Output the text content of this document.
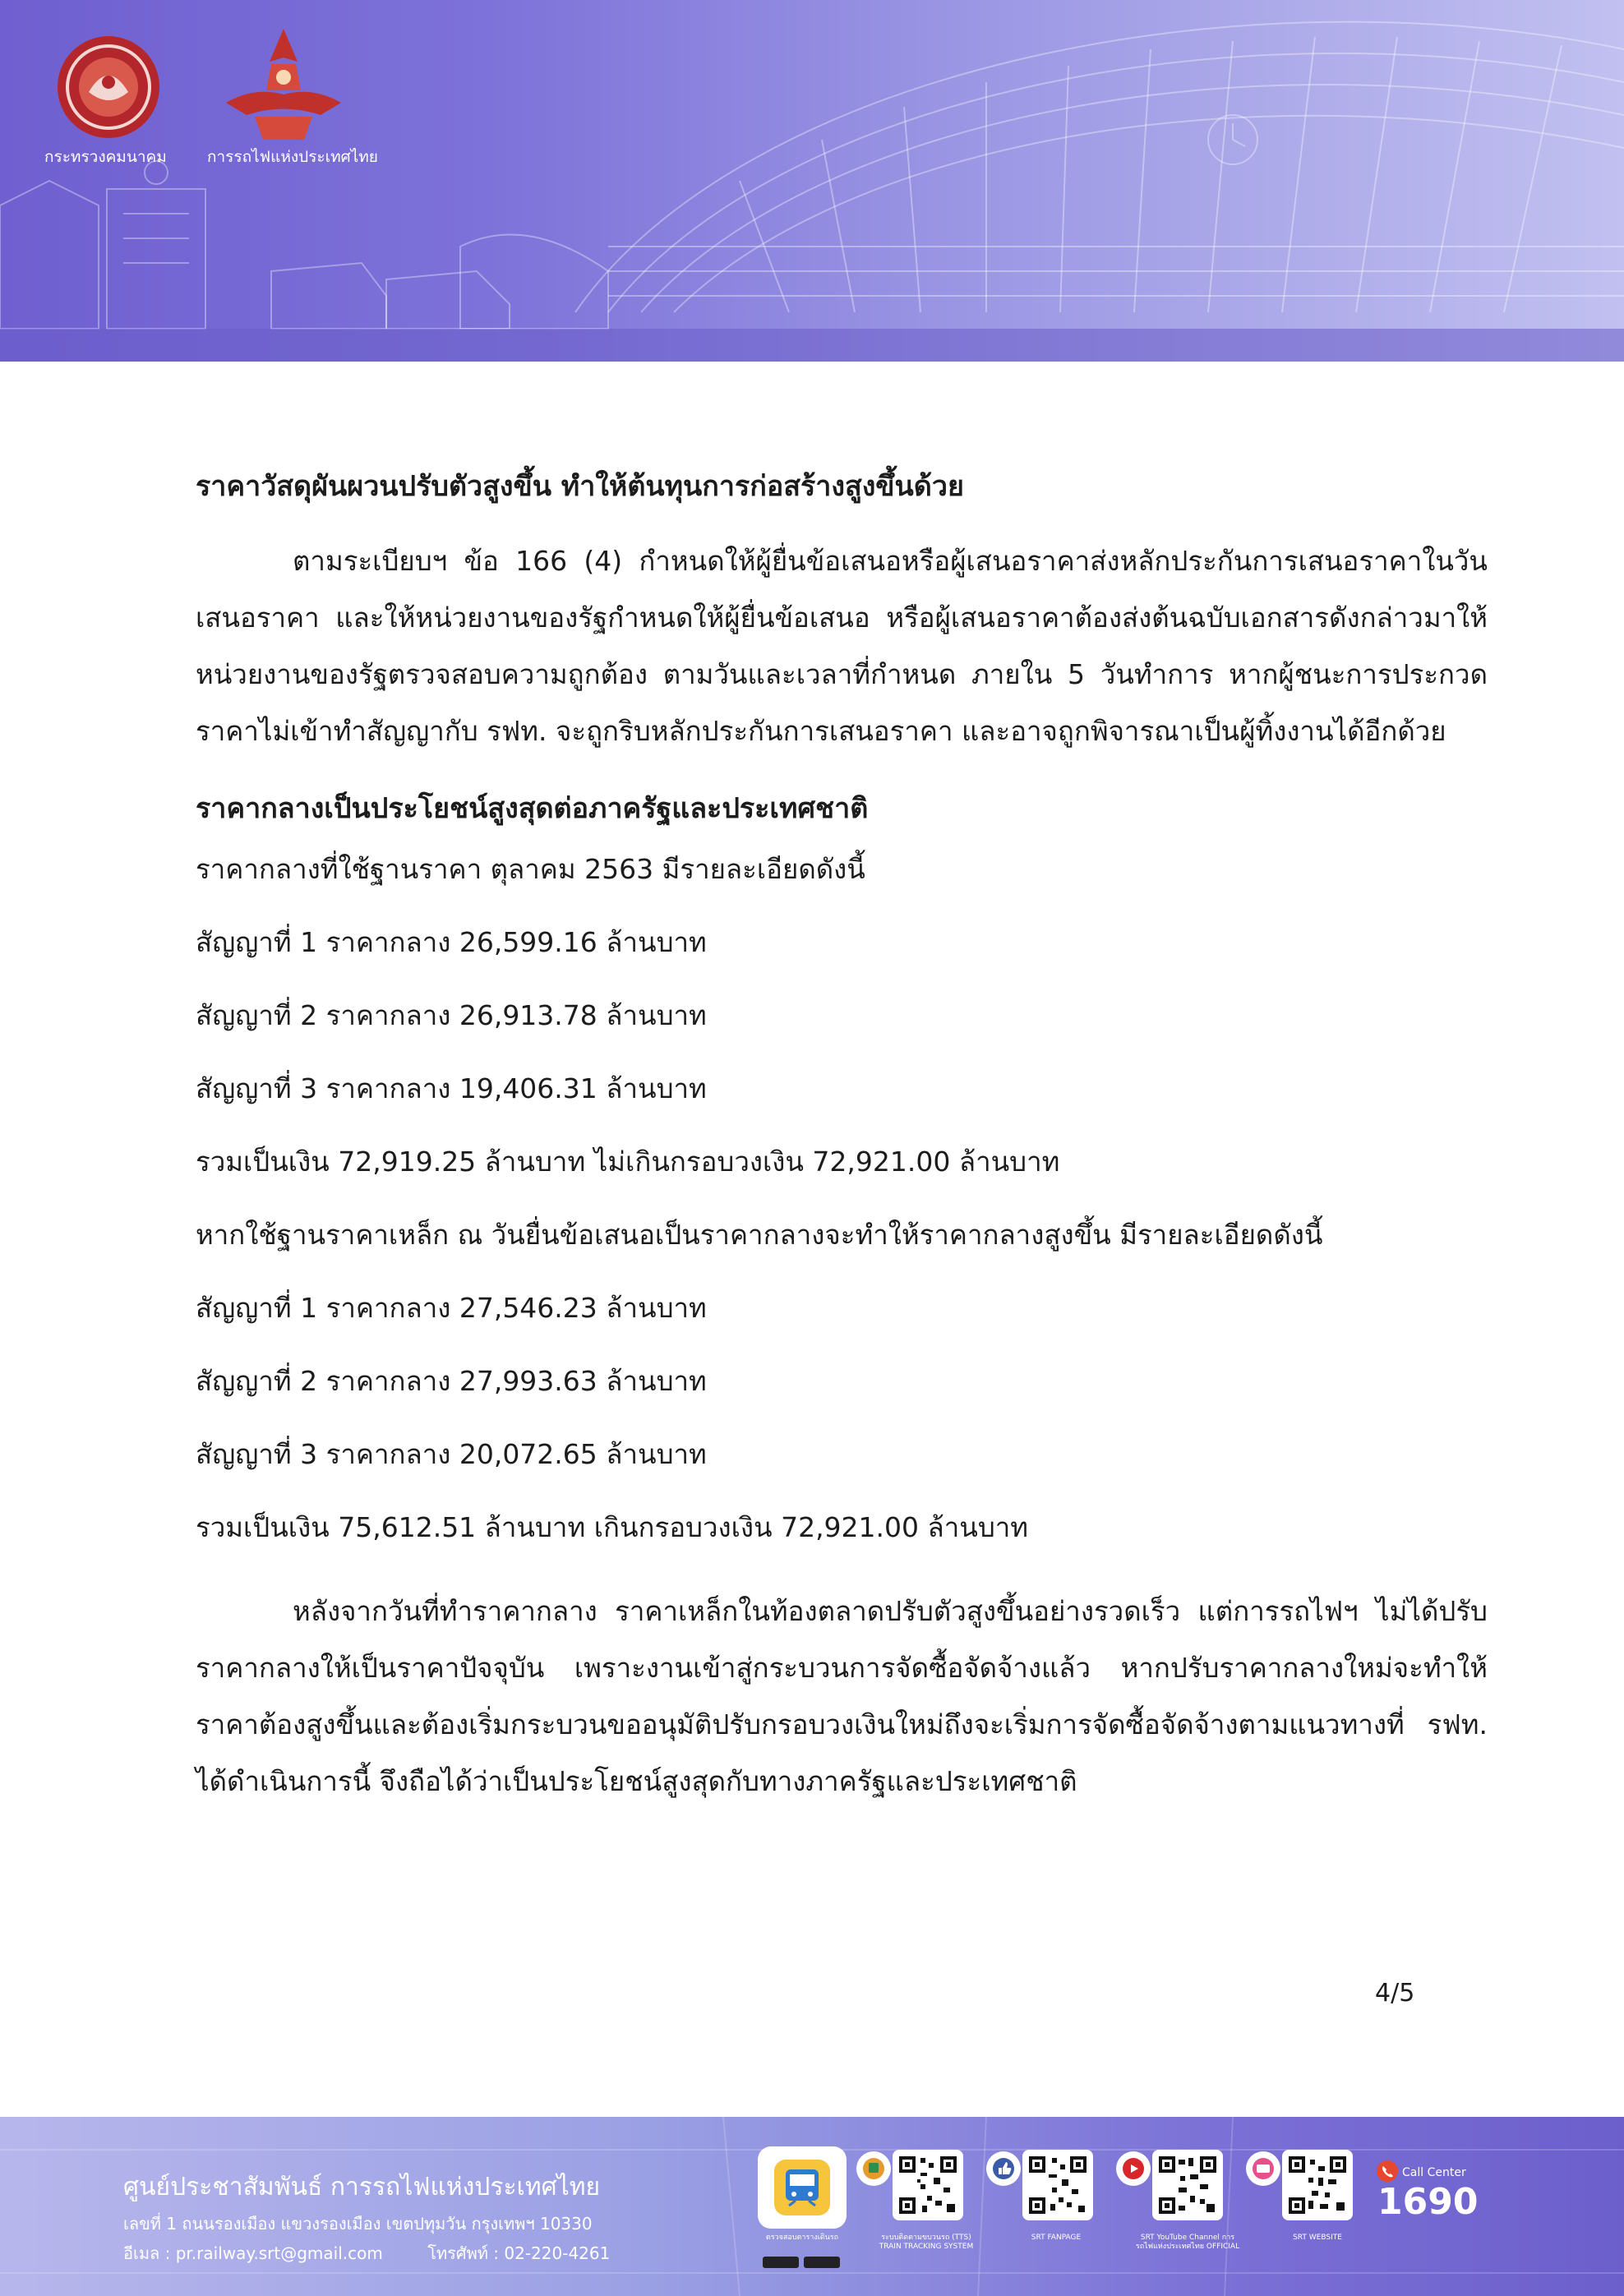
กระทรวงคมนาคม	การรถไฟแห่งประเทศไทย

ราคาวัสดุผันผวนปรับตัวสูงขึ้น ทำให้ต้นทุนการก่อสร้างสูงขึ้นด้วย

ตามระเบียบฯ ข้อ 166 (4) กำหนดให้ผู้ยื่นข้อเสนอหรือผู้เสนอราคาส่งหลักประกันการเสนอราคาในวันเสนอราคา และให้หน่วยงานของรัฐกำหนดให้ผู้ยื่นข้อเสนอ หรือผู้เสนอราคาต้องส่งต้นฉบับเอกสารดังกล่าวมาให้หน่วยงานของรัฐตรวจสอบความถูกต้อง ตามวันและเวลาที่กำหนด ภายใน 5 วันทำการ หากผู้ชนะการประกวดราคาไม่เข้าทำสัญญากับ รฟท. จะถูกริบหลักประกันการเสนอราคา และอาจถูกพิจารณาเป็นผู้ทิ้งงานได้อีกด้วย

ราคากลางเป็นประโยชน์สูงสุดต่อภาครัฐและประเทศชาติ

ราคากลางที่ใช้ฐานราคา ตุลาคม 2563 มีรายละเอียดดังนี้

สัญญาที่ 1 ราคากลาง 26,599.16 ล้านบาท

สัญญาที่ 2 ราคากลาง 26,913.78 ล้านบาท

สัญญาที่ 3 ราคากลาง 19,406.31 ล้านบาท

รวมเป็นเงิน 72,919.25 ล้านบาท ไม่เกินกรอบวงเงิน 72,921.00 ล้านบาท

หากใช้ฐานราคาเหล็ก ณ วันยื่นข้อเสนอเป็นราคากลางจะทำให้ราคากลางสูงขึ้น มีรายละเอียดดังนี้

สัญญาที่ 1 ราคากลาง 27,546.23 ล้านบาท

สัญญาที่ 2 ราคากลาง 27,993.63 ล้านบาท

สัญญาที่ 3 ราคากลาง 20,072.65 ล้านบาท

รวมเป็นเงิน 75,612.51 ล้านบาท เกินกรอบวงเงิน 72,921.00 ล้านบาท

หลังจากวันที่ทำราคากลาง ราคาเหล็กในท้องตลาดปรับตัวสูงขึ้นอย่างรวดเร็ว แต่การรถไฟฯ ไม่ได้ปรับราคากลางให้เป็นราคาปัจจุบัน เพราะงานเข้าสู่กระบวนการจัดซื้อจัดจ้างแล้ว หากปรับราคากลางใหม่จะทำให้ราคาต้องสูงขึ้นและต้องเริ่มกระบวนขออนุมัติปรับกรอบวงเงินใหม่ถึงจะเริ่มการจัดซื้อจัดจ้างตามแนวทางที่ รฟท. ได้ดำเนินการนี้ จึงถือได้ว่าเป็นประโยชน์สูงสุดกับทางภาครัฐและประเทศชาติ

4/5
ศูนย์ประชาสัมพันธ์ การรถไฟแห่งประเทศไทย
เลขที่ 1 ถนนรองเมือง แขวงรองเมือง เขตปทุมวัน กรุงเทพฯ 10330
อีเมล : pr.railway.srt@gmail.com	โทรศัพท์ : 02-220-4261
ตรวจสอบตารางเดินรถ	ระบบติดตามขบวนรถ (TTS) TRAIN TRACKING SYSTEM
SRT FANPAGE	SRT YouTube Channel การรถไฟแห่งประเทศไทย OFFICIAL
SRT WEBSITE
Call Center
1690
